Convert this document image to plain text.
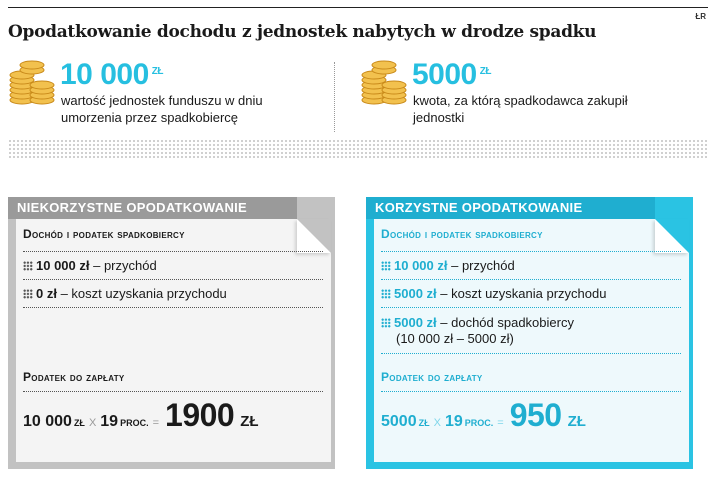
ŁR
Opodatkowanie dochodu z jednostek nabytych w drodze spadku
10 000 $^{ZŁ}$
wartość jednostek funduszu w dniu umorzenia przez spadkobiercę
5000 $^{ZŁ}$
kwota, za którą spadkodawca zakupił jednostki
NIEKORZYSTNE OPODATKOWANIE
Dochód i podatek spadkobiercy
10 000 zł – przychód
0 zł – koszt uzyskania przychodu
Podatek do zapłaty
10 000 ZŁ X 19 PROC. = 1900 ZŁ
KORZYSTNE OPODATKOWANIE
Dochód i podatek spadkobiercy
10 000 zł – przychód
5000 zł – koszt uzyskania przychodu
5000 zł – dochód spadkobiercy
(10 000 zł – 5000 zł)
Podatek do zapłaty
5000 ZŁ X 19 PROC. = 950 ZŁ
